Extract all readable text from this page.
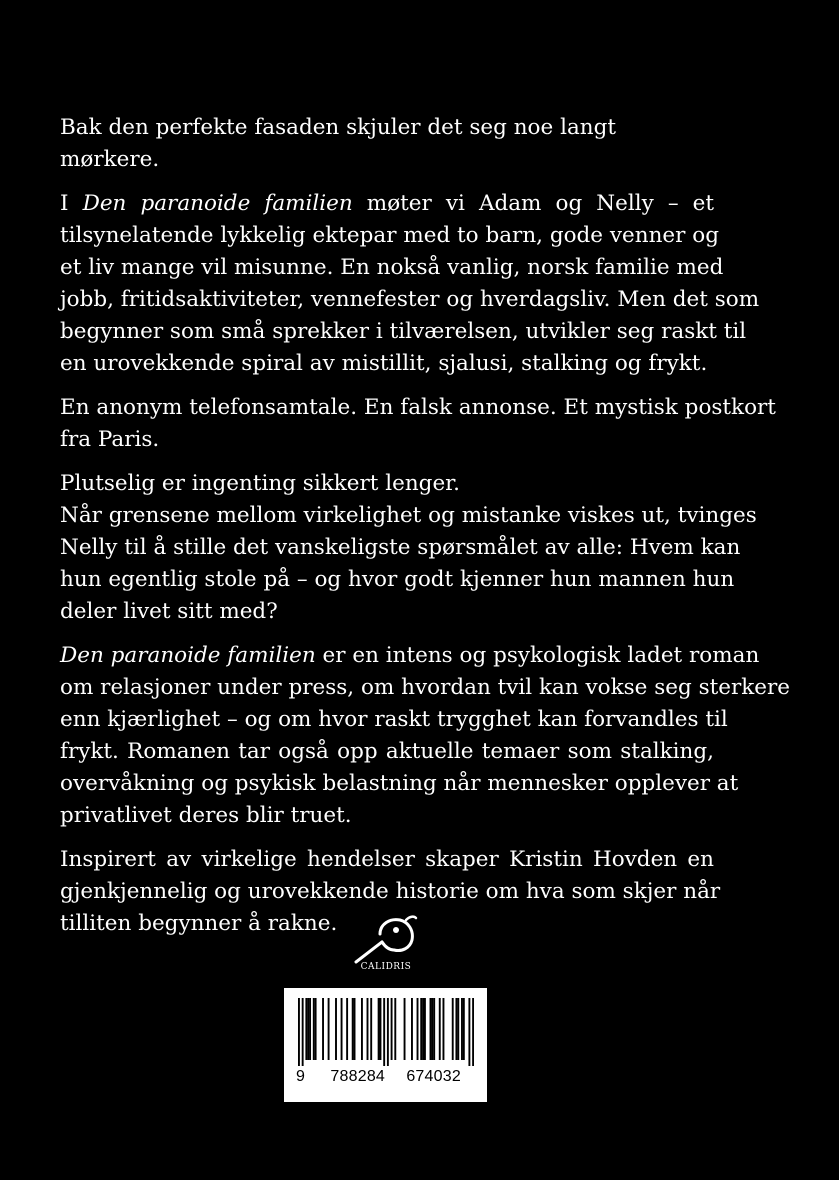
Bak den perfekte fasaden skjuler det seg noe langt mørkere.

I Den paranoide familien møter vi Adam og Nelly – et
tilsynelatende lykkelig ektepar med to barn, gode venner og
et liv mange vil misunne. En nokså vanlig, norsk familie med
jobb, fritidsaktiviteter, vennefester og hverdagsliv. Men det som
begynner som små sprekker i tilværelsen, utvikler seg raskt til
en urovekkende spiral av mistillit, sjalusi, stalking og frykt.

En anonym telefonsamtale. En falsk annonse. Et mystisk postkort
fra Paris.

Plutselig er ingenting sikkert lenger.
Når grensene mellom virkelighet og mistanke viskes ut, tvinges
Nelly til å stille det vanskeligste spørsmålet av alle: Hvem kan
hun egentlig stole på – og hvor godt kjenner hun mannen hun
deler livet sitt med?

Den paranoide familien er en intens og psykologisk ladet roman
om relasjoner under press, om hvordan tvil kan vokse seg sterkere
enn kjærlighet – og om hvor raskt trygghet kan forvandles til
frykt. Romanen tar også opp aktuelle temaer som stalking,
overvåkning og psykisk belastning når mennesker opplever at
privatlivet deres blir truet.

Inspirert av virkelige hendelser skaper Kristin Hovden en
gjenkjennelig og urovekkende historie om hva som skjer når
tilliten begynner å rakne.

CALIDRIS
9 788284 674032
